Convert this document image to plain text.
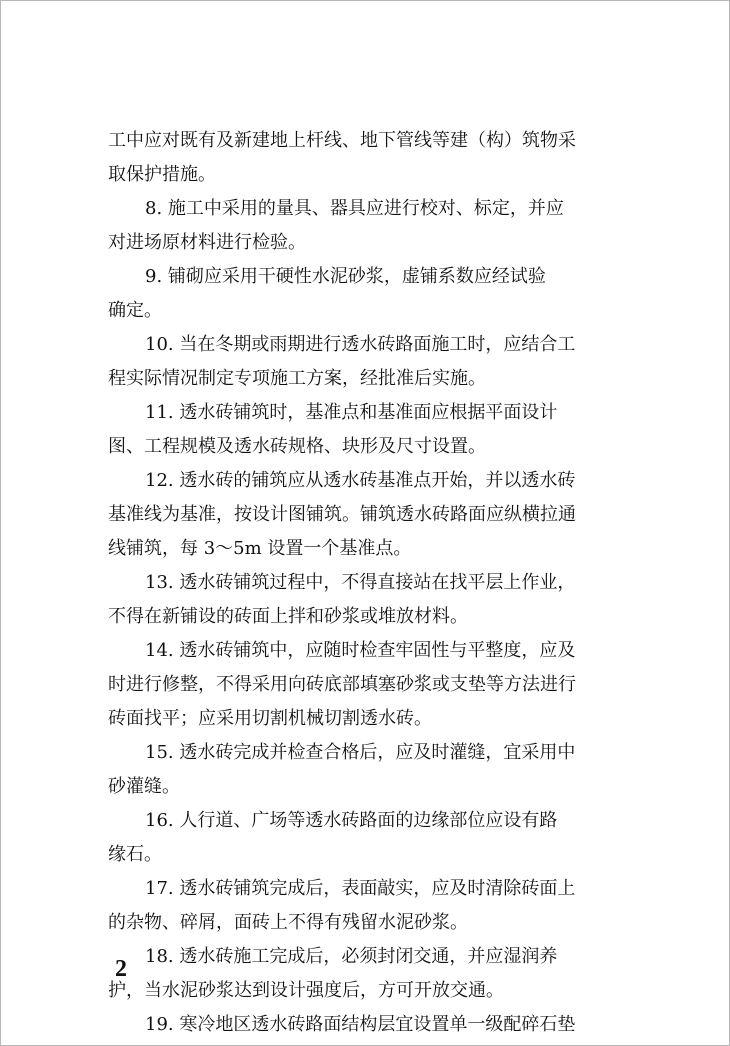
工中应对既有及新建地上杆线、地下管线等建（构）筑物采
取保护措施。
8. 施工中采用的量具、器具应进行校对、标定，并应
对进场原材料进行检验。
9. 铺砌应采用干硬性水泥砂浆，虚铺系数应经试验
确定。
10. 当在冬期或雨期进行透水砖路面施工时，应结合工
程实际情况制定专项施工方案，经批准后实施。
11. 透水砖铺筑时，基准点和基准面应根据平面设计
图、工程规模及透水砖规格、块形及尺寸设置。
12. 透水砖的铺筑应从透水砖基准点开始，并以透水砖
基准线为基准，按设计图铺筑。铺筑透水砖路面应纵横拉通
线铺筑，每 3～5m 设置一个基准点。
13. 透水砖铺筑过程中，不得直接站在找平层上作业，
不得在新铺设的砖面上拌和砂浆或堆放材料。
14. 透水砖铺筑中，应随时检查牢固性与平整度，应及
时进行修整，不得采用向砖底部填塞砂浆或支垫等方法进行
砖面找平；应采用切割机械切割透水砖。
15. 透水砖完成并检查合格后，应及时灌缝，宜采用中
砂灌缝。
16. 人行道、广场等透水砖路面的边缘部位应设有路
缘石。
17. 透水砖铺筑完成后，表面敲实，应及时清除砖面上
的杂物、碎屑，面砖上不得有残留水泥砂浆。
18. 透水砖施工完成后，必须封闭交通，并应湿润养
护，当水泥砂浆达到设计强度后，方可开放交通。
19. 寒冷地区透水砖路面结构层宜设置单一级配碎石垫
2
